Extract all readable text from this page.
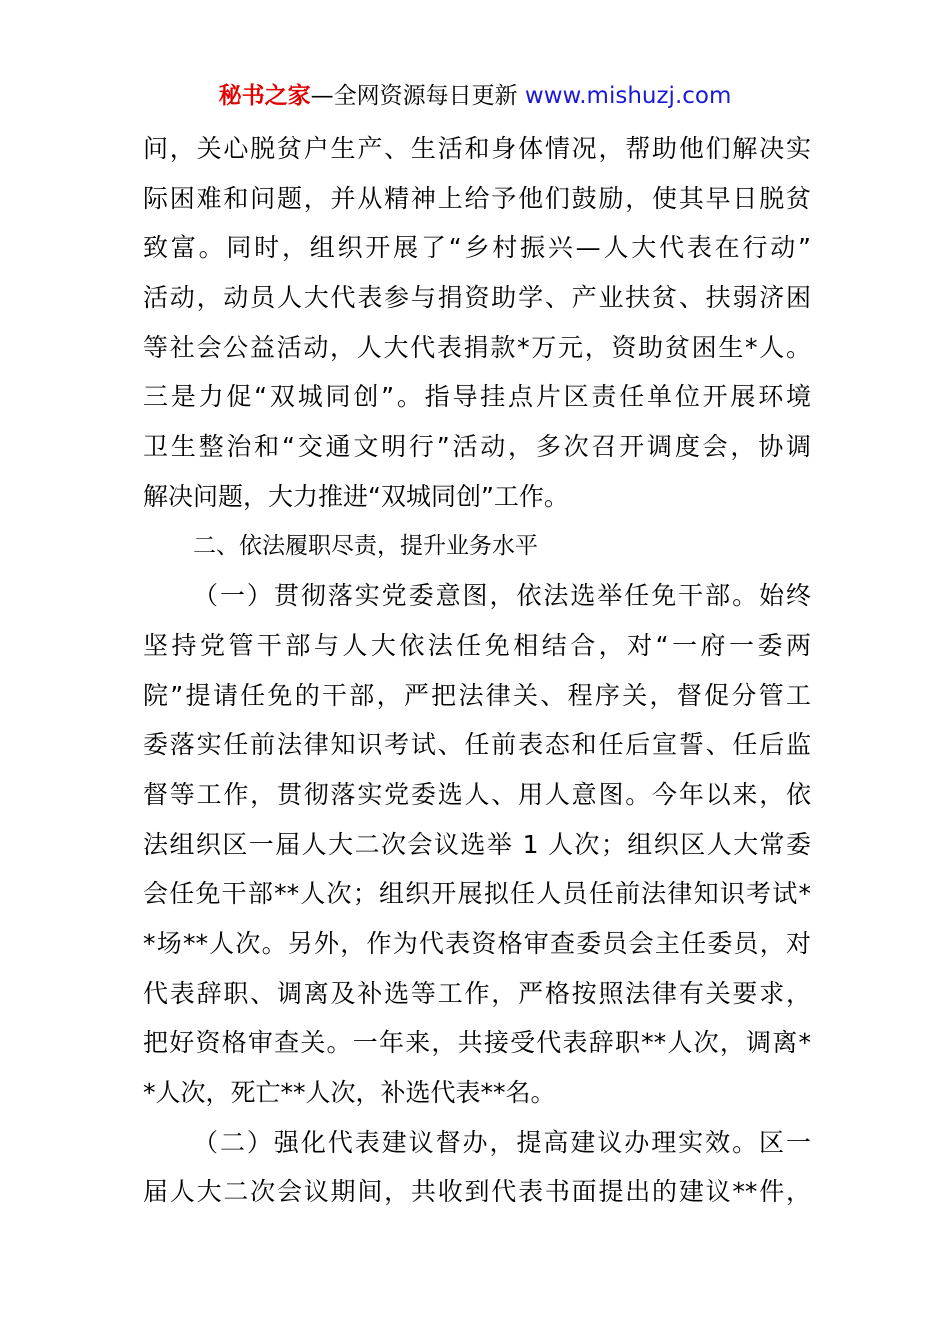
秘书之家—全网资源每日更新 www.mishuzj.com
问，关心脱贫户生产、生活和身体情况，帮助他们解决实
际困难和问题，并从精神上给予他们鼓励，使其早日脱贫
致富。同时，组织开展了“乡村振兴—人大代表在行动”
活动，动员人大代表参与捐资助学、产业扶贫、扶弱济困
等社会公益活动，人大代表捐款*万元，资助贫困生*人。
三是力促“双城同创”。指导挂点片区责任单位开展环境
卫生整治和“交通文明行”活动，多次召开调度会，协调
解决问题，大力推进“双城同创”工作。
二、依法履职尽责，提升业务水平
（一）贯彻落实党委意图，依法选举任免干部。始终
坚持党管干部与人大依法任免相结合，对“一府一委两
院”提请任免的干部，严把法律关、程序关，督促分管工
委落实任前法律知识考试、任前表态和任后宣誓、任后监
督等工作，贯彻落实党委选人、用人意图。今年以来，依
法组织区一届人大二次会议选举 1 人次；组织区人大常委
会任免干部**人次；组织开展拟任人员任前法律知识考试*
*场**人次。另外，作为代表资格审查委员会主任委员，对
代表辞职、调离及补选等工作，严格按照法律有关要求，
把好资格审查关。一年来，共接受代表辞职**人次，调离*
*人次，死亡**人次，补选代表**名。
（二）强化代表建议督办，提高建议办理实效。区一
届人大二次会议期间，共收到代表书面提出的建议**件，
